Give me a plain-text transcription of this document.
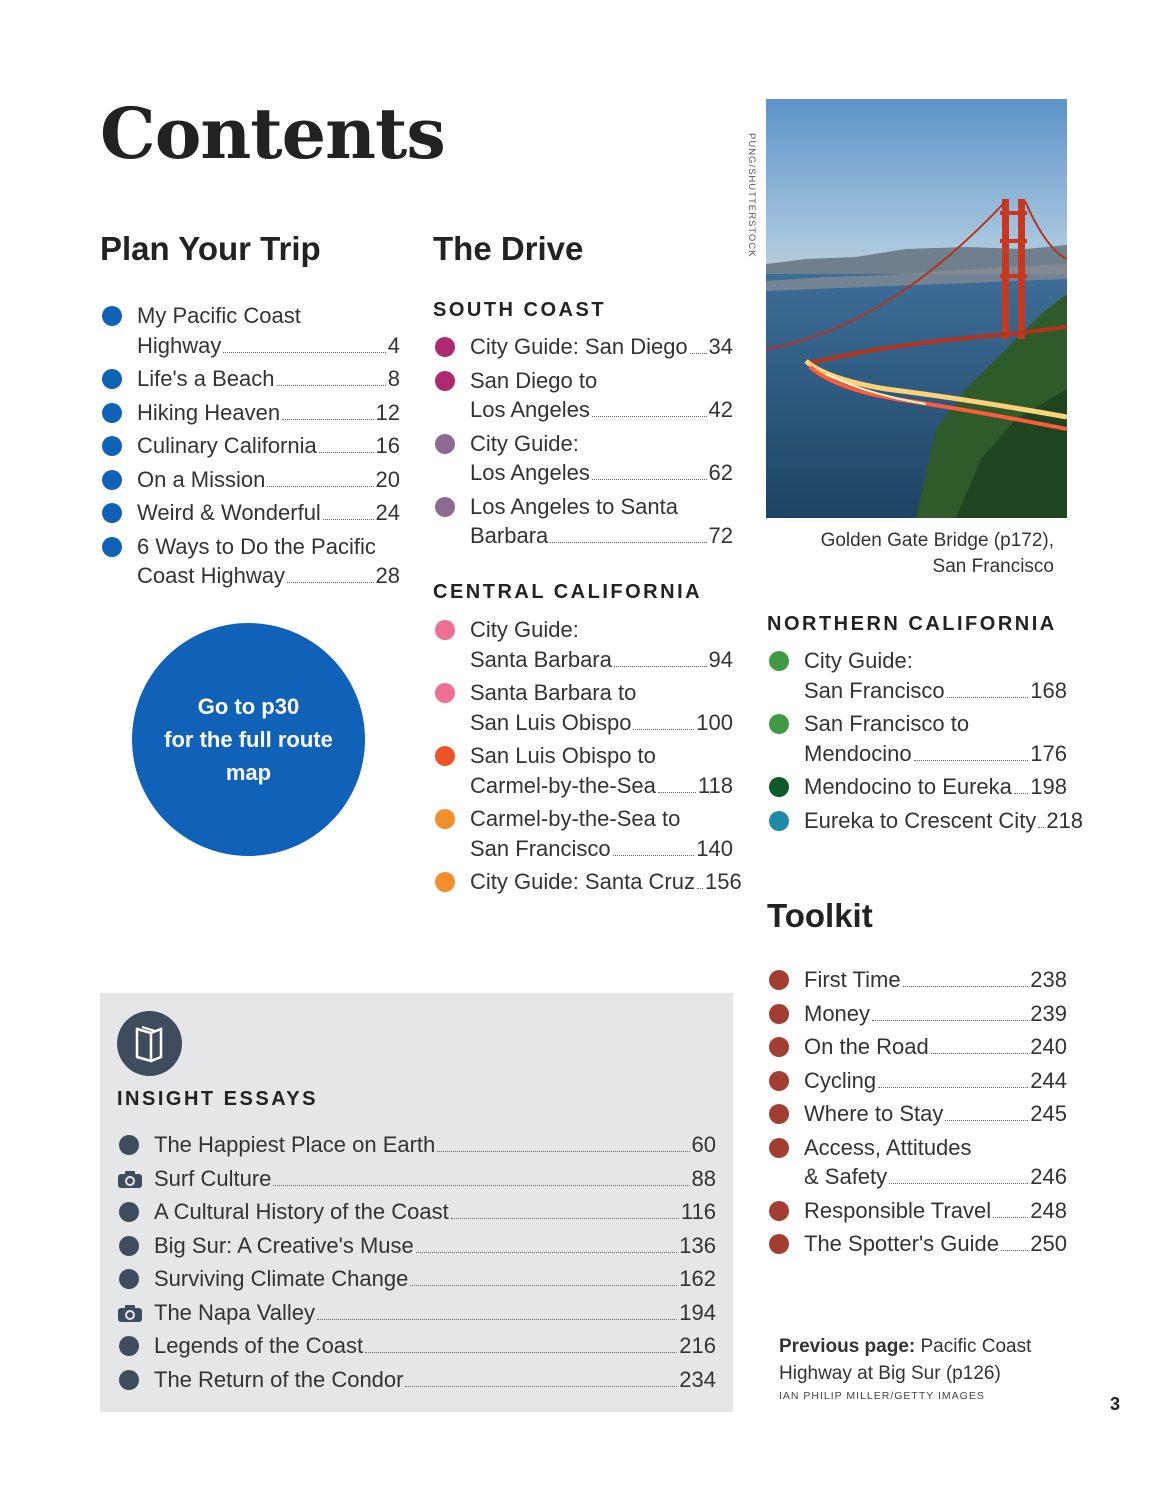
Contents
Plan Your Trip
My Pacific Coast
Highway	4
Life's a Beach	8
Hiking Heaven	12
Culinary California	16
On a Mission	20
Weird & Wonderful 24
6 Ways to Do the Pacific
Coast Highway	28
Go to p30
for the full route
map
The Drive
SOUTH COAST
City Guide: San Diego 34
San Diego to
Los Angeles	42
City Guide:
Los Angeles	62
Los Angeles to Santa
Barbara	72
CENTRAL CALIFORNIA
City Guide:
Santa Barbara	94
Santa Barbara to
San Luis Obispo	100
San Luis Obispo to
Carmel-by-the-Sea 118
Carmel-by-the-Sea to
San Francisco	140
City Guide: Santa Cruz 156
PUNG/SHUTTERSTOCK
Golden Gate Bridge (p172),
San Francisco
NORTHERN CALIFORNIA
City Guide:
San Francisco	168
San Francisco to
Mendocino	176
Mendocino to Eureka 198
Eureka to Crescent City 218
Toolkit
First Time	238
Money	239
On the Road	240
Cycling	244
Where to Stay	245
Access, Attitudes
& Safety	246
Responsible Travel 248
The Spotter's Guide 250
INSIGHT ESSAYS
The Happiest Place on Earth	60
Surf Culture	88
A Cultural History of the Coast	116
Big Sur: A Creative's Muse	136
Surviving Climate Change	162
The Napa Valley	194
Legends of the Coast	216
The Return of the Condor	234
Previous page: Pacific Coast
Highway at Big Sur (p126)
IAN PHILIP MILLER/GETTY IMAGES	3
